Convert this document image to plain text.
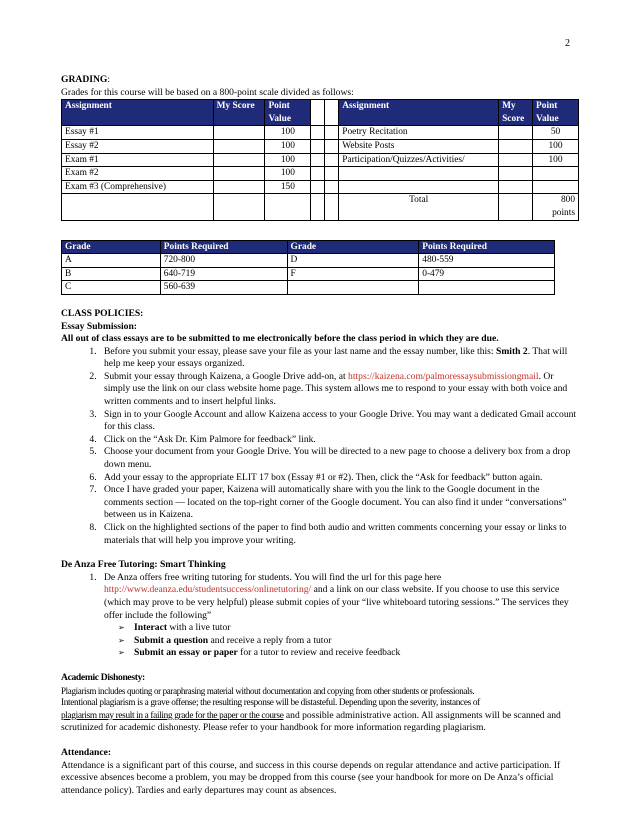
2

GRADING:

Grades for this course will be based on a 800-point scale divided as follows:

Assignment	My Score	Point Value			Assignment	My Score	Point Value
Essay #1		100			Poetry Recitation		50
Essay #2		100			Website Posts		100
Exam #1		100			Participation/Quizzes/Activities/		100
Exam #2		100					
Exam #3 (Comprehensive)		150					
					Total		800 points
Grade	Points Required	Grade	Points Required
A	720-800	D	480-559
B	640-719	F	0-479
C	560-639		

CLASS POLICIES:

Essay Submission:

All out of class essays are to be submitted to me electronically before the class period in which they are due.

1. Before you submit your essay, please save your file as your last name and the essay number, like this: Smith 2. That will help me keep your essays organized.
2. Submit your essay through Kaizena, a Google Drive add-on, at https://kaizena.com/palmoressaysubmissiongmail. Or simply use the link on our class website home page. This system allows me to respond to your essay with both voice and written comments and to insert helpful links.
3. Sign in to your Google Account and allow Kaizena access to your Google Drive. You may want a dedicated Gmail account for this class.
4. Click on the “Ask Dr. Kim Palmore for feedback” link.
5. Choose your document from your Google Drive. You will be directed to a new page to choose a delivery box from a drop down menu.
6. Add your essay to the appropriate ELIT 17 box (Essay #1 or #2). Then, click the “Ask for feedback” button again.
7. Once I have graded your paper, Kaizena will automatically share with you the link to the Google document in the comments section — located on the top-right corner of the Google document. You can also find it under “conversations” between us in Kaizena.
8. Click on the highlighted sections of the paper to find both audio and written comments concerning your essay or links to materials that will help you improve your writing.

De Anza Free Tutoring: Smart Thinking

1. De Anza offers free writing tutoring for students. You will find the url for this page here http://www.deanza.edu/studentsuccess/onlinetutoring/ and a link on our class website. If you choose to use this service (which may prove to be very helpful) please submit copies of your “live whiteboard tutoring sessions.” The services they offer include the following”
➢ Interact with a live tutor
➢ Submit a question and receive a reply from a tutor
➢ Submit an essay or paper for a tutor to review and receive feedback

Academic Dishonesty:

Plagiarism includes quoting or paraphrasing material without documentation and copying from other students or professionals.

Intentional plagiarism is a grave offense; the resulting response will be distasteful. Depending upon the severity, instances of

plagiarism may result in a failing grade for the paper or the course and possible administrative action. All assignments will be scanned and scrutinized for academic dishonesty. Please refer to your handbook for more information regarding plagiarism.

Attendance:

Attendance is a significant part of this course, and success in this course depends on regular attendance and active participation. If excessive absences become a problem, you may be dropped from this course (see your handbook for more on De Anza’s official attendance policy). Tardies and early departures may count as absences.
